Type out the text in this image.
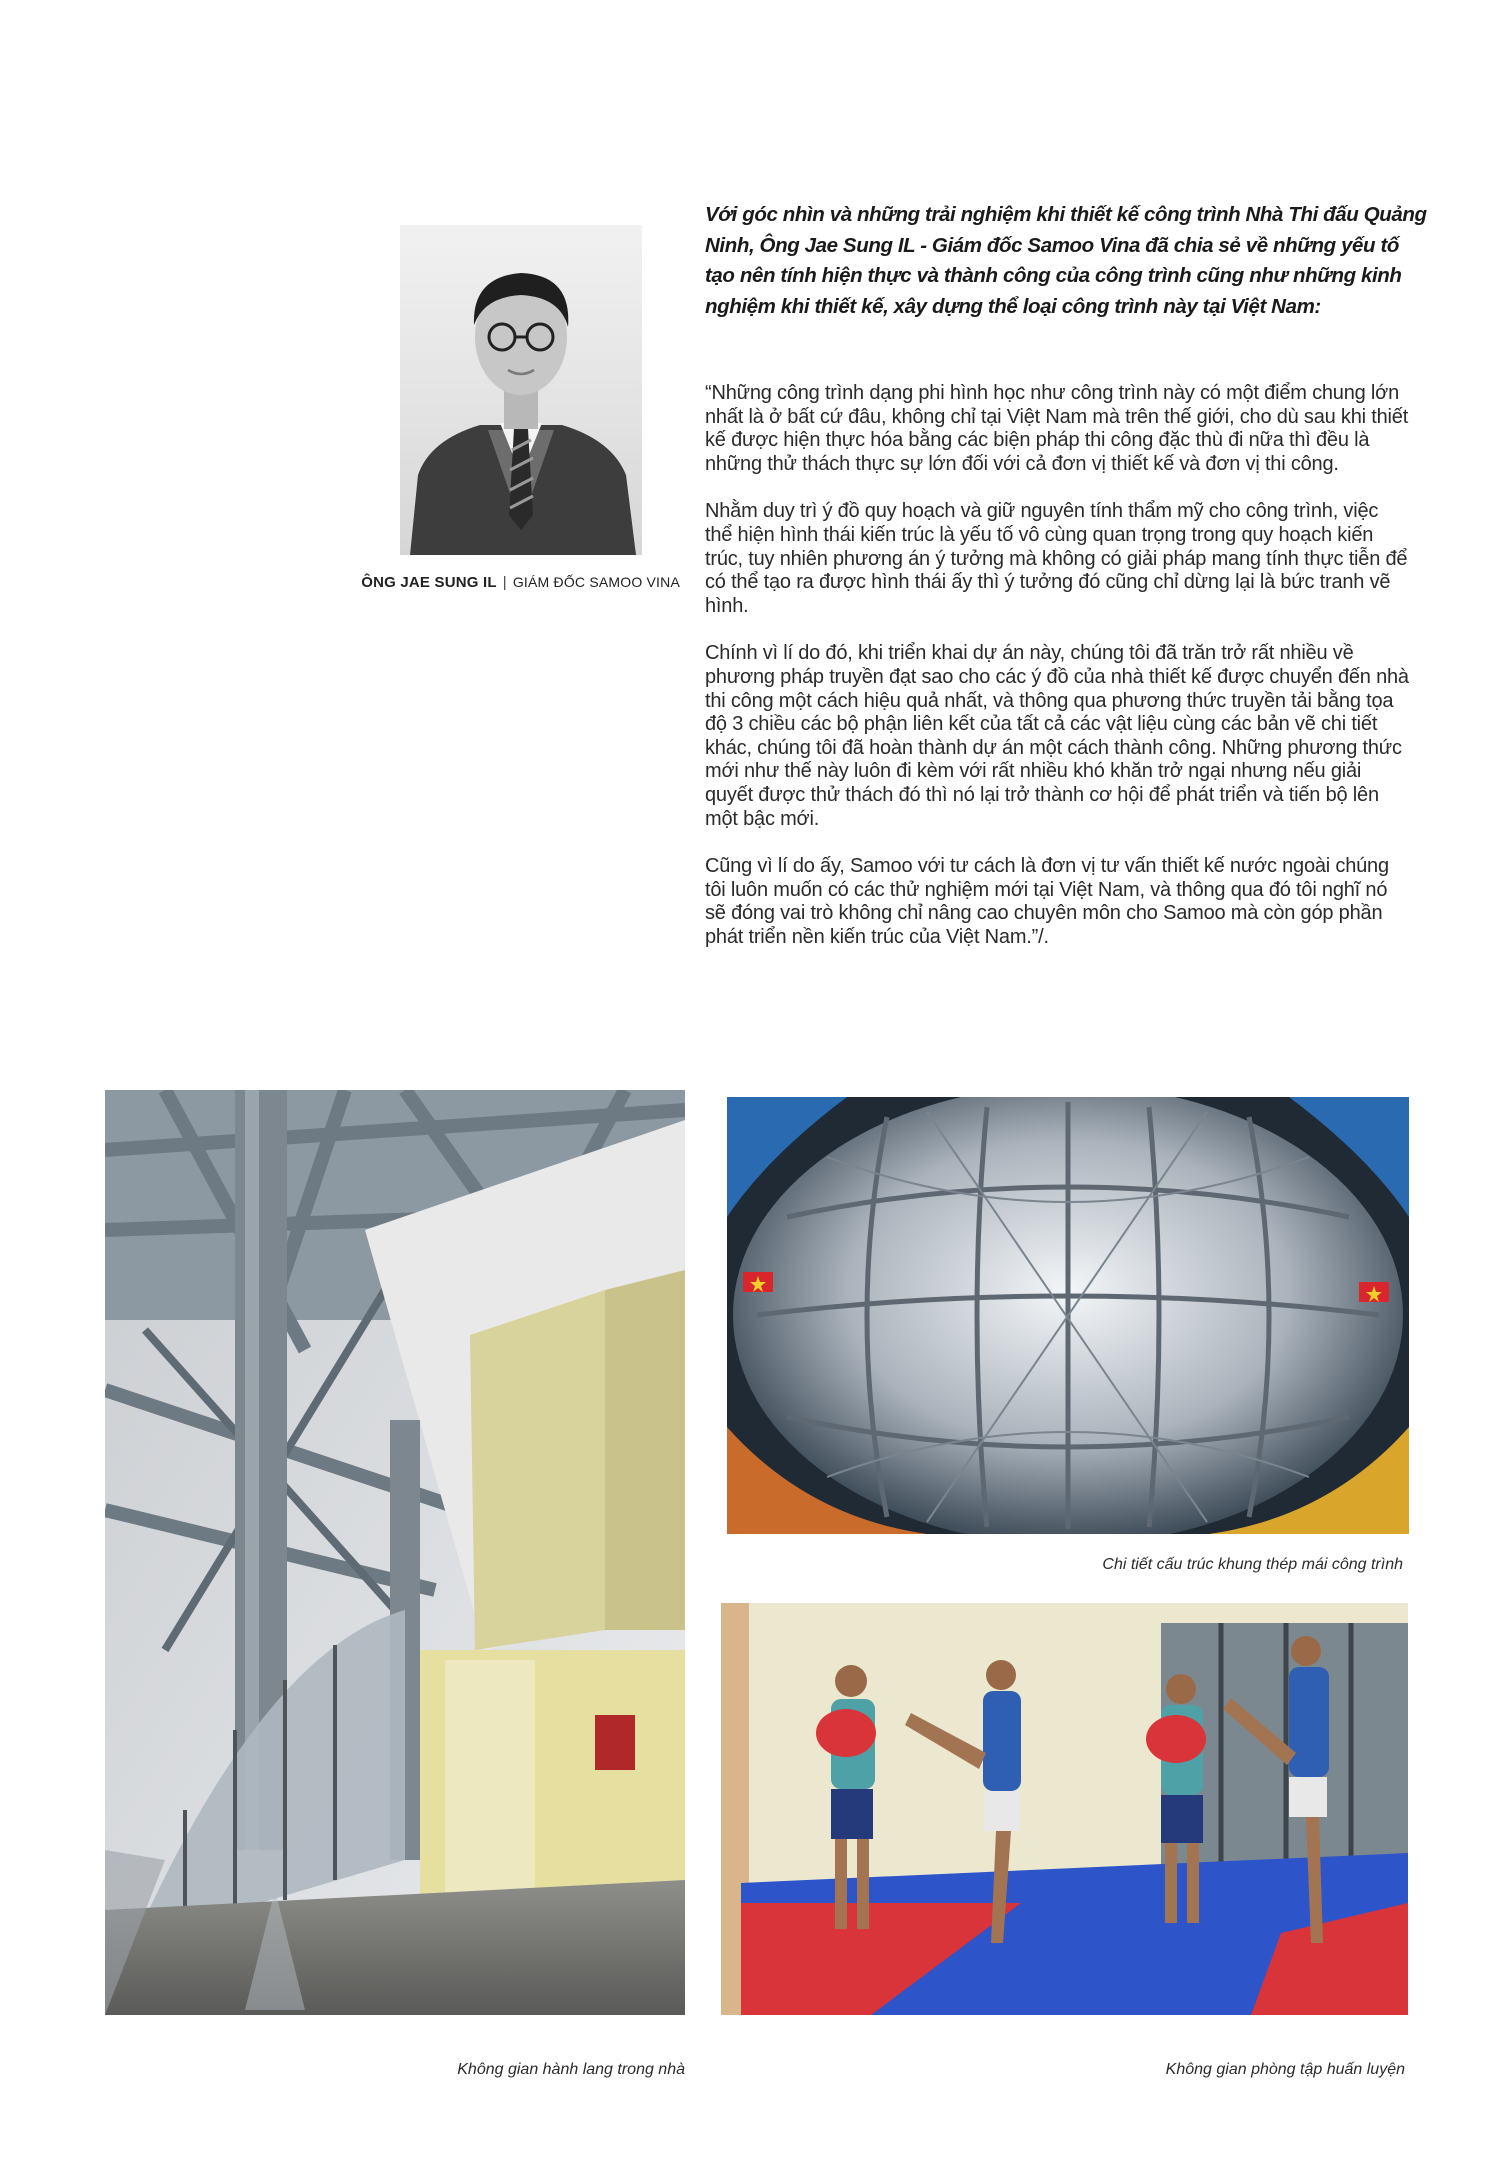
ÔNG JAE SUNG IL | GIÁM ĐỐC SAMOO VINA
Với góc nhìn và những trải nghiệm khi thiết kế công trình Nhà Thi đấu Quảng Ninh, Ông Jae Sung IL - Giám đốc Samoo Vina đã chia sẻ về những yếu tố tạo nên tính hiện thực và thành công của công trình cũng như những kinh nghiệm khi thiết kế, xây dựng thể loại công trình này tại Việt Nam:

“Những công trình dạng phi hình học như công trình này có một điểm chung lớn nhất là ở bất cứ đâu, không chỉ tại Việt Nam mà trên thế giới, cho dù sau khi thiết kế được hiện thực hóa bằng các biện pháp thi công đặc thù đi nữa thì đều là những thử thách thực sự lớn đối với cả đơn vị thiết kế và đơn vị thi công.

Nhằm duy trì ý đồ quy hoạch và giữ nguyên tính thẩm mỹ cho công trình, việc thể hiện hình thái kiến trúc là yếu tố vô cùng quan trọng trong quy hoạch kiến trúc, tuy nhiên phương án ý tưởng mà không có giải pháp mang tính thực tiễn để có thể tạo ra được hình thái ấy thì ý tưởng đó cũng chỉ dừng lại là bức tranh vẽ hình.

Chính vì lí do đó, khi triển khai dự án này, chúng tôi đã trăn trở rất nhiều về phương pháp truyền đạt sao cho các ý đồ của nhà thiết kế được chuyển đến nhà thi công một cách hiệu quả nhất, và thông qua phương thức truyền tải bằng tọa độ 3 chiều các bộ phận liên kết của tất cả các vật liệu cùng các bản vẽ chi tiết khác, chúng tôi đã hoàn thành dự án một cách thành công. Những phương thức mới như thế này luôn đi kèm với rất nhiều khó khăn trở ngại nhưng nếu giải quyết được thử thách đó thì nó lại trở thành cơ hội để phát triển và tiến bộ lên một bậc mới.

Cũng vì lí do ấy, Samoo với tư cách là đơn vị tư vấn thiết kế nước ngoài chúng tôi luôn muốn có các thử nghiệm mới tại Việt Nam, và thông qua đó tôi nghĩ nó sẽ đóng vai trò không chỉ nâng cao chuyên môn cho Samoo mà còn góp phần phát triển nền kiến trúc của Việt Nam.”/.

Chi tiết cấu trúc khung thép mái công trình
Không gian hành lang trong nhà	Không gian phòng tập huấn luyện
